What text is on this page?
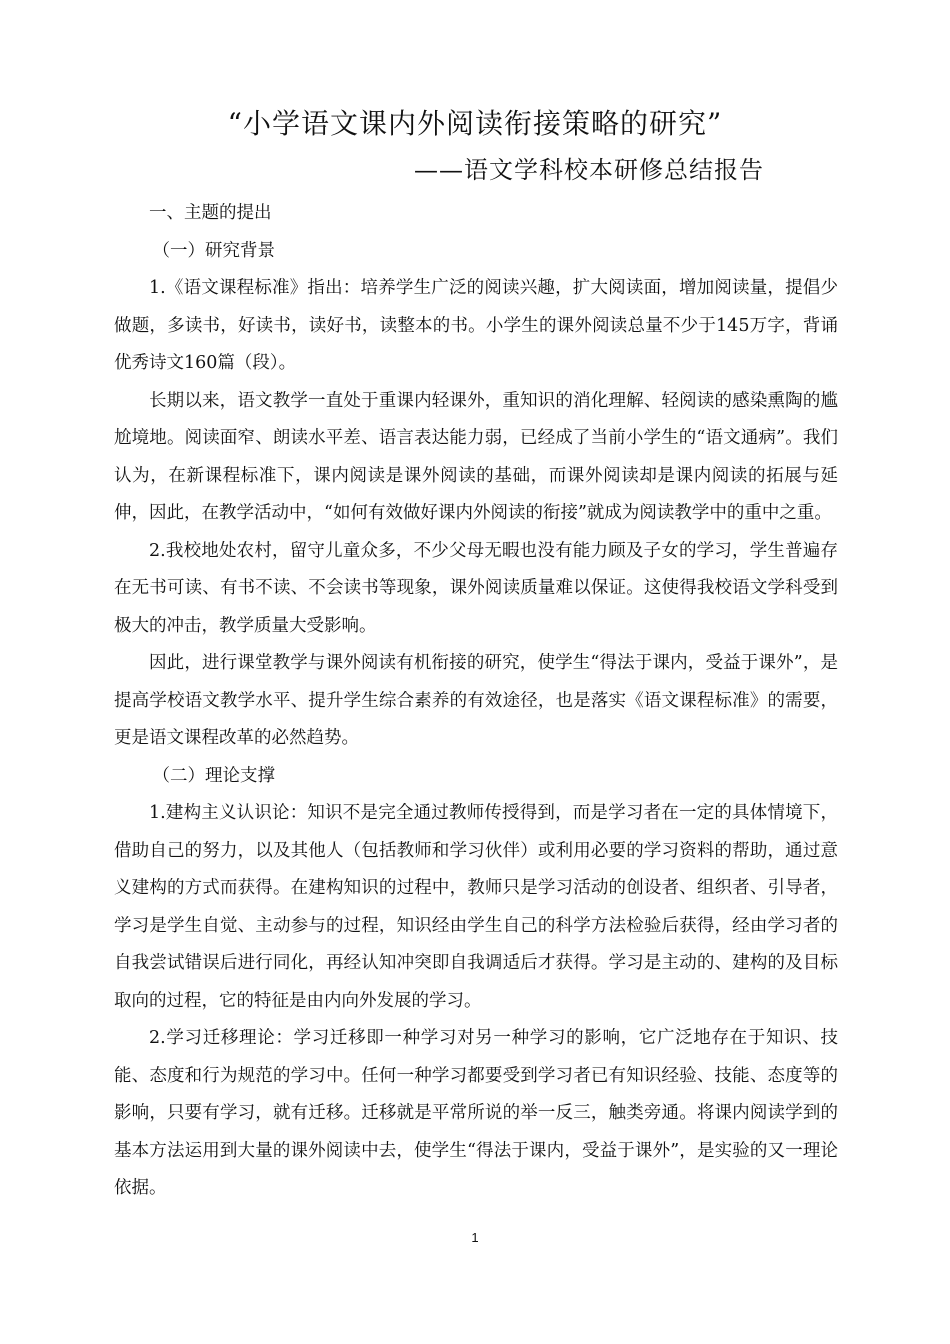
“小学语文课内外阅读衔接策略的研究”
——语文学科校本研修总结报告

一、主题的提出

（一）研究背景

1.《语文课程标准》指出：培养学生广泛的阅读兴趣，扩大阅读面，增加阅读量，提倡少做题，多读书，好读书，读好书，读整本的书。小学生的课外阅读总量不少于145万字，背诵优秀诗文160篇（段）。

长期以来，语文教学一直处于重课内轻课外，重知识的消化理解、轻阅读的感染熏陶的尴尬境地。阅读面窄、朗读水平差、语言表达能力弱，已经成了当前小学生的“语文通病”。我们认为，在新课程标准下，课内阅读是课外阅读的基础，而课外阅读却是课内阅读的拓展与延伸，因此，在教学活动中，“如何有效做好课内外阅读的衔接”就成为阅读教学中的重中之重。

2.我校地处农村，留守儿童众多，不少父母无暇也没有能力顾及子女的学习，学生普遍存在无书可读、有书不读、不会读书等现象，课外阅读质量难以保证。这使得我校语文学科受到极大的冲击，教学质量大受影响。

因此，进行课堂教学与课外阅读有机衔接的研究，使学生“得法于课内，受益于课外”，是提高学校语文教学水平、提升学生综合素养的有效途径，也是落实《语文课程标准》的需要，更是语文课程改革的必然趋势。

（二）理论支撑

1.建构主义认识论：知识不是完全通过教师传授得到，而是学习者在一定的具体情境下，借助自己的努力，以及其他人（包括教师和学习伙伴）或利用必要的学习资料的帮助，通过意义建构的方式而获得。在建构知识的过程中，教师只是学习活动的创设者、组织者、引导者，学习是学生自觉、主动参与的过程，知识经由学生自己的科学方法检验后获得，经由学习者的自我尝试错误后进行同化，再经认知冲突即自我调适后才获得。学习是主动的、建构的及目标取向的过程，它的特征是由内向外发展的学习。

2.学习迁移理论：学习迁移即一种学习对另一种学习的影响，它广泛地存在于知识、技能、态度和行为规范的学习中。任何一种学习都要受到学习者已有知识经验、技能、态度等的影响，只要有学习，就有迁移。迁移就是平常所说的举一反三，触类旁通。将课内阅读学到的基本方法运用到大量的课外阅读中去，使学生“得法于课内，受益于课外”，是实验的又一理论依据。

1
